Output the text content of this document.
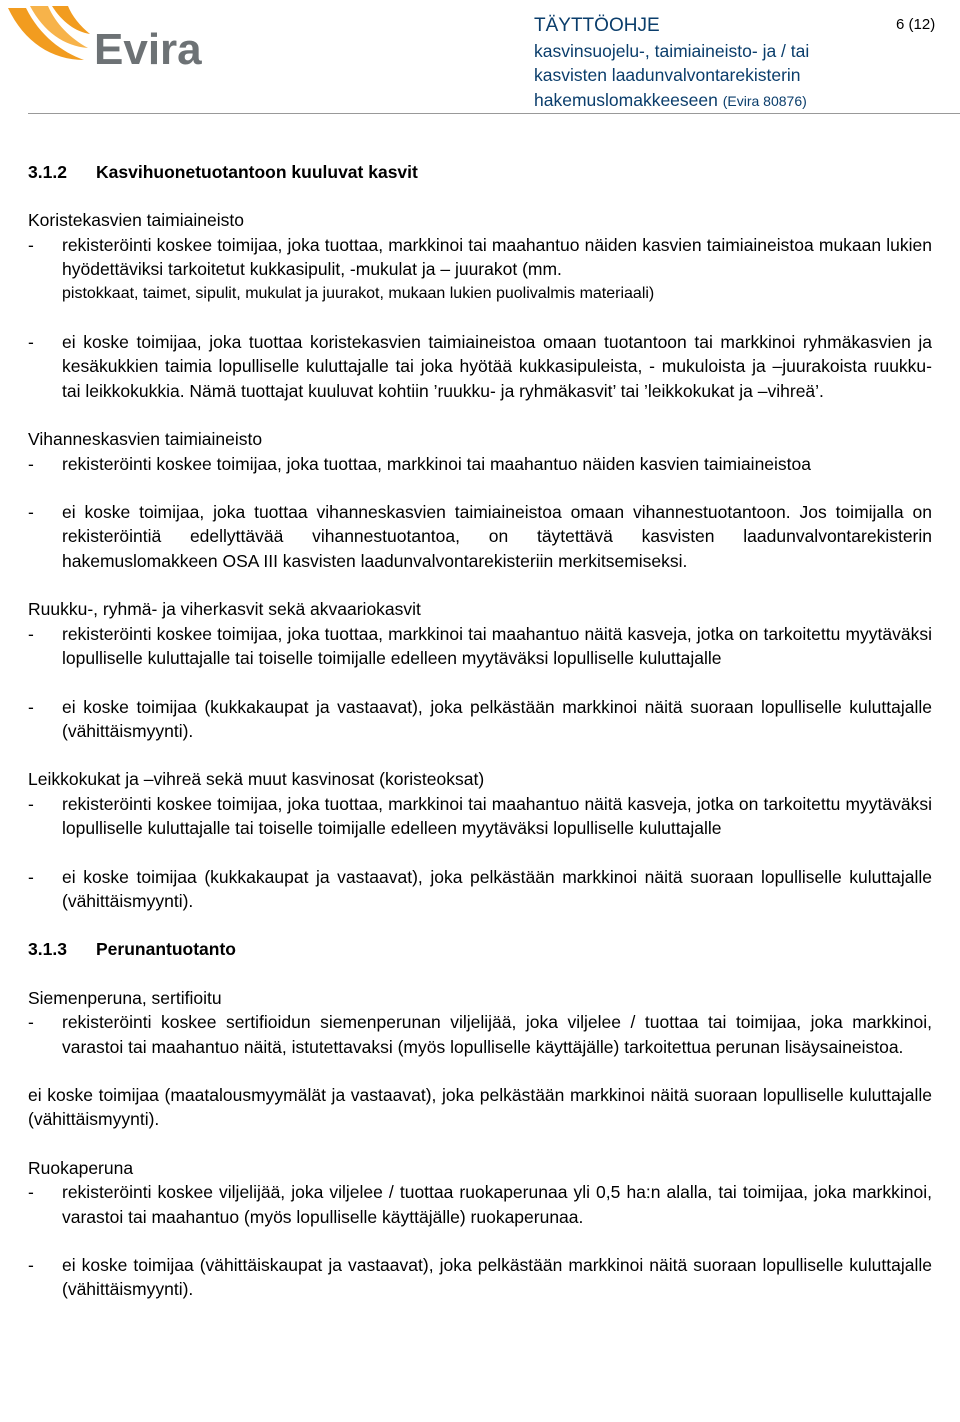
Evira	TÄYTTÖOHJE
kasvinsuojelu-, taimiaineisto- ja / tai
kasvisten laadunvalvontarekisterin
hakemuslomakkeeseen (Evira 80876)
6 (12)
3.1.2	Kasvihuonetuotantoon kuuluvat kasvit

Koristekasvien taimiaineisto

-	rekisteröinti koskee toimijaa, joka tuottaa, markkinoi tai maahantuo näiden kasvien taimiaineistoa mukaan lukien hyödettäviksi tarkoitetut kukkasipulit, -mukulat ja – juurakot (mm.
pistokkaat, taimet, sipulit, mukulat ja juurakot, mukaan lukien puolivalmis materiaali)
-	ei koske toimijaa, joka tuottaa koristekasvien taimiaineistoa omaan tuotantoon tai markkinoi ryhmäkasvien ja kesäkukkien taimia lopulliselle kuluttajalle tai joka hyötää kukkasipuleista, - mukuloista ja –juurakoista ruukku- tai leikkokukkia. Nämä tuottajat kuuluvat kohtiin ’ruukku- ja ryhmäkasvit’ tai ’leikkokukat ja –vihreä’.

Vihanneskasvien taimiaineisto

-	rekisteröinti koskee toimijaa, joka tuottaa, markkinoi tai maahantuo näiden kasvien taimiaineistoa
-	ei koske toimijaa, joka tuottaa vihanneskasvien taimiaineistoa omaan vihannestuotantoon. Jos toimijalla on rekisteröintiä edellyttävää vihannestuotantoa, on täytettävä kasvisten laadunvalvontarekisterin hakemuslomakkeen OSA III kasvisten laadunvalvontarekisteriin merkitsemiseksi.

Ruukku-, ryhmä- ja viherkasvit sekä akvaariokasvit

-	rekisteröinti koskee toimijaa, joka tuottaa, markkinoi tai maahantuo näitä kasveja, jotka on tarkoitettu myytäväksi lopulliselle kuluttajalle tai toiselle toimijalle edelleen myytäväksi lopulliselle kuluttajalle
-	ei koske toimijaa (kukkakaupat ja vastaavat), joka pelkästään markkinoi näitä suoraan lopulliselle kuluttajalle (vähittäismyynti).

Leikkokukat ja –vihreä sekä muut kasvinosat (koristeoksat)

-	rekisteröinti koskee toimijaa, joka tuottaa, markkinoi tai maahantuo näitä kasveja, jotka on tarkoitettu myytäväksi lopulliselle kuluttajalle tai toiselle toimijalle edelleen myytäväksi lopulliselle kuluttajalle
-	ei koske toimijaa (kukkakaupat ja vastaavat), joka pelkästään markkinoi näitä suoraan lopulliselle kuluttajalle (vähittäismyynti).
3.1.3	Perunantuotanto

Siemenperuna, sertifioitu

-	rekisteröinti koskee sertifioidun siemenperunan viljelijää, joka viljelee / tuottaa tai toimijaa, joka markkinoi, varastoi tai maahantuo näitä, istutettavaksi (myös lopulliselle käyttäjälle) tarkoitettua perunan lisäysaineistoa.

ei koske toimijaa (maatalousmyymälät ja vastaavat), joka pelkästään markkinoi näitä suoraan lopulliselle kuluttajalle (vähittäismyynti).

Ruokaperuna

-	rekisteröinti koskee viljelijää, joka viljelee / tuottaa ruokaperunaa yli 0,5 ha:n alalla, tai toimijaa, joka markkinoi, varastoi tai maahantuo (myös lopulliselle käyttäjälle) ruokaperunaa.
-	ei koske toimijaa (vähittäiskaupat ja vastaavat), joka pelkästään markkinoi näitä suoraan lopulliselle kuluttajalle (vähittäismyynti).
